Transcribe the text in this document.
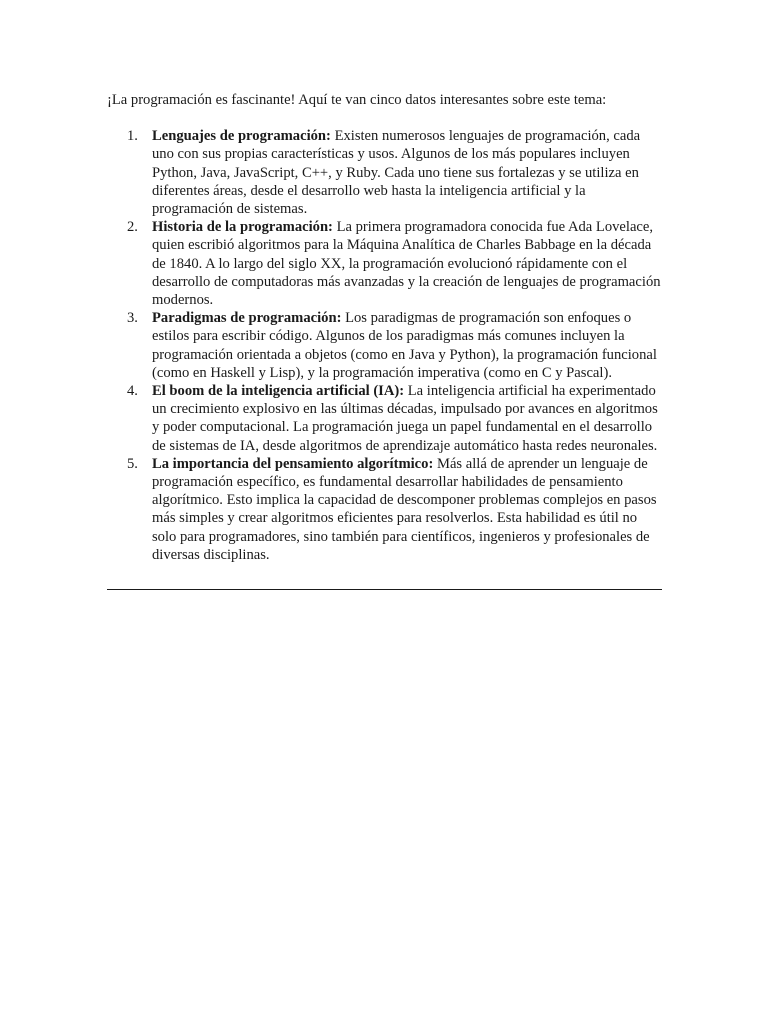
¡La programación es fascinante! Aquí te van cinco datos interesantes sobre este tema:

1. Lenguajes de programación: Existen numerosos lenguajes de programación, cada uno con sus propias características y usos. Algunos de los más populares incluyen Python, Java, JavaScript, C++, y Ruby. Cada uno tiene sus fortalezas y se utiliza en diferentes áreas, desde el desarrollo web hasta la inteligencia artificial y la programación de sistemas.
2. Historia de la programación: La primera programadora conocida fue Ada Lovelace, quien escribió algoritmos para la Máquina Analítica de Charles Babbage en la década de 1840. A lo largo del siglo XX, la programación evolucionó rápidamente con el desarrollo de computadoras más avanzadas y la creación de lenguajes de programación modernos.
3. Paradigmas de programación: Los paradigmas de programación son enfoques o estilos para escribir código. Algunos de los paradigmas más comunes incluyen la programación orientada a objetos (como en Java y Python), la programación funcional (como en Haskell y Lisp), y la programación imperativa (como en C y Pascal).
4. El boom de la inteligencia artificial (IA): La inteligencia artificial ha experimentado un crecimiento explosivo en las últimas décadas, impulsado por avances en algoritmos y poder computacional. La programación juega un papel fundamental en el desarrollo de sistemas de IA, desde algoritmos de aprendizaje automático hasta redes neuronales.
5. La importancia del pensamiento algorítmico: Más allá de aprender un lenguaje de programación específico, es fundamental desarrollar habilidades de pensamiento algorítmico. Esto implica la capacidad de descomponer problemas complejos en pasos más simples y crear algoritmos eficientes para resolverlos. Esta habilidad es útil no solo para programadores, sino también para científicos, ingenieros y profesionales de diversas disciplinas.
